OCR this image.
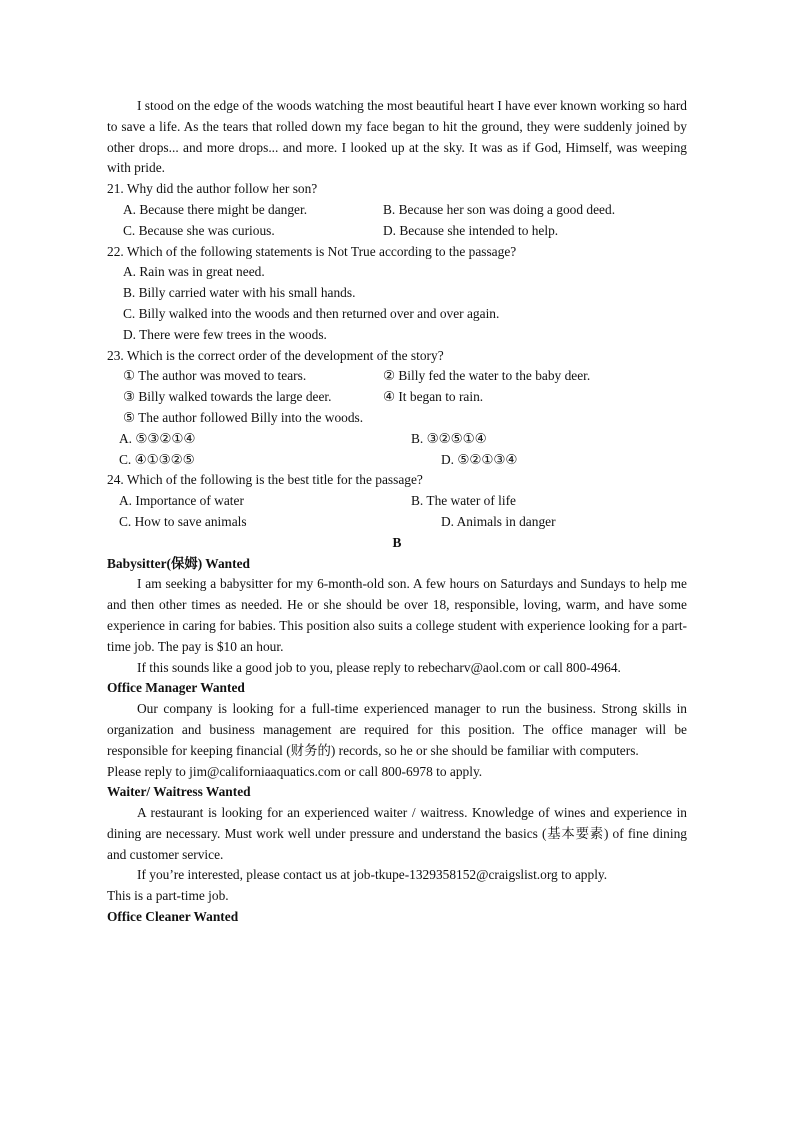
I stood on the edge of the woods watching the most beautiful heart I have ever known working so hard to save a life. As the tears that rolled down my face began to hit the ground, they were suddenly joined by other drops... and more drops... and more. I looked up at the sky. It was as if God, Himself, was weeping with pride.

21. Why did the author follow her son?

A. Because there might be danger.	B. Because her son was doing a good deed.
C. Because she was curious.	D. Because she intended to help.

22. Which of the following statements is Not True according to the passage?

A. Rain was in great need.

B. Billy carried water with his small hands.

C. Billy walked into the woods and then returned over and over again.

D. There were few trees in the woods.

23. Which is the correct order of the development of the story?

① The author was moved to tears.	② Billy fed the water to the baby deer.
③ Billy walked towards the large deer.	④ It began to rain.

⑤ The author followed Billy into the woods.

A. ⑤③②①④	B. ③②⑤①④
C. ④①③②⑤	D. ⑤②①③④

24. Which of the following is the best title for the passage?

A. Importance of water	B. The water of life
C. How to save animals	D. Animals in danger

B

Babysitter(保姆) Wanted

I am seeking a babysitter for my 6-month-old son. A few hours on Saturdays and Sundays to help me and then other times as needed. He or she should be over 18, responsible, loving, warm, and have some experience in caring for babies. This position also suits a college student with experience looking for a part-time job. The pay is $10 an hour.

If this sounds like a good job to you, please reply to rebecharv@aol.com or call 800-4964.

Office Manager Wanted

Our company is looking for a full-time experienced manager to run the business. Strong skills in organization and business management are required for this position. The office manager will be responsible for keeping financial (财务的) records, so he or she should be familiar with computers.

Please reply to jim@californiaaquatics.com or call 800-6978 to apply.

Waiter/ Waitress Wanted

A restaurant is looking for an experienced waiter / waitress. Knowledge of wines and experience in dining are necessary. Must work well under pressure and understand the basics (基本要素) of fine dining and customer service.

If you’re interested, please contact us at job-tkupe-1329358152@craigslist.org to apply.

This is a part-time job.

Office Cleaner Wanted
